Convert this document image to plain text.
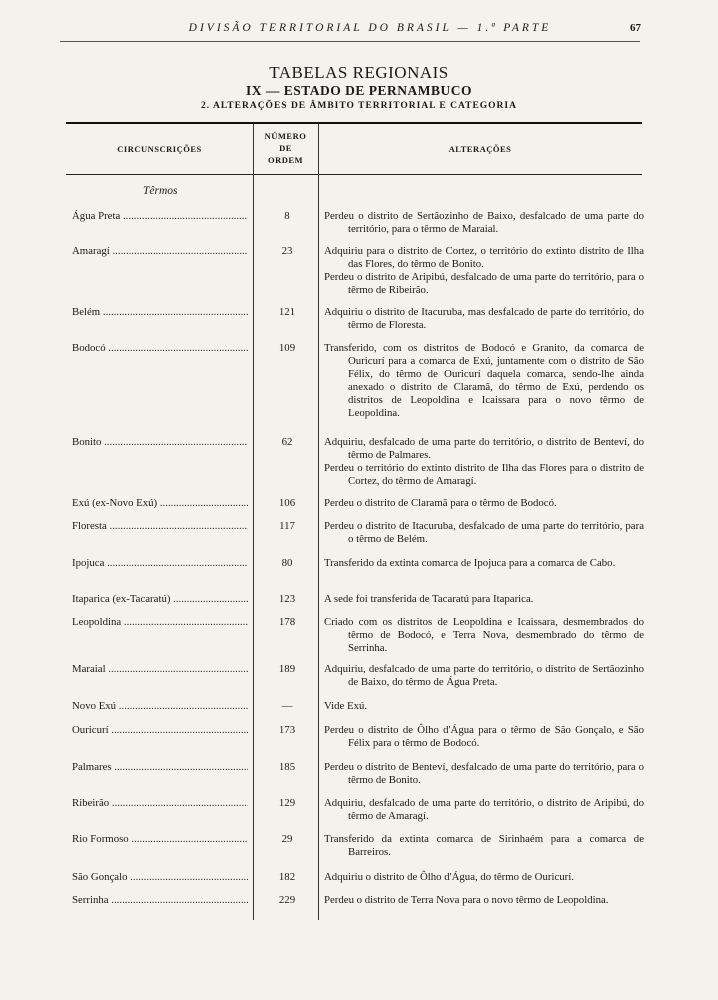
DIVISÃO TERRITORIAL DO BRASIL — 1.ª PARTE	67
TABELAS REGIONAIS
IX — ESTADO DE PERNAMBUCO
2. ALTERAÇÕES DE ÂMBITO TERRITORIAL E CATEGORIA
CIRCUNSCRIÇÕES
NÚMERO
DE
ORDEM
ALTERAÇÕES
Têrmos
Água Preta .....	8	Perdeu o distrito de Sertãozinho de Baixo, desfalcado de uma parte do território, para o têrmo de Maraial.

Amaragí .....	23	Adquiriu para o distrito de Cortez, o território do extinto distrito de Ilha das Flores, do têrmo de Bonito.

Perdeu o distrito de Aripibú, desfalcado de uma parte do território, para o têrmo de Ribeirão.

Belém .....	121	Adquiriu o distrito de Itacuruba, mas desfalcado de parte do território, do têrmo de Floresta.

Bodocó .....	109	Transferido, com os distritos de Bodocó e Granito, da comarca de Ouricurí para a comarca de Exú, juntamente com o distrito de São Félix, do têrmo de Ouricurí daquela comarca, sendo-lhe ainda anexado o distrito de Claramã, do têrmo de Exú, perdendo os distritos de Leopoldina e Icaissara para o novo têrmo de Leopoldina.

Bonito .....	62	Adquiriu, desfalcado de uma parte do território, o distrito de Benteví, do têrmo de Palmares.

Perdeu o território do extinto distrito de Ilha das Flores para o distrito de Cortez, do têrmo de Amaragí.

Exú (ex-Novo Exú) .....	106	Perdeu o distrito de Claramã para o têrmo de Bodocó.

Floresta .....	117	Perdeu o distrito de Itacuruba, desfalcado de uma parte do território, para o têrmo de Belém.

Ipojuca .....	80	Transferido da extinta comarca de Ipojuca para a comarca de Cabo.

Itaparica (ex-Tacaratú) .....	123	A sede foi transferida de Tacaratú para Itaparica.

Leopoldina .....	178	Criado com os distritos de Leopoldina e Icaissara, desmembrados do têrmo de Bodocó, e Terra Nova, desmembrado do têrmo de Serrinha.

Maraial .....	189	Adquiriu, desfalcado de uma parte do território, o distrito de Sertãozinho de Baixo, do têrmo de Água Preta.

Novo Exú .....	—	Vide Exú.

Ouricurí .....	173	Perdeu o distrito de Ôlho d'Água para o têrmo de São Gonçalo, e São Félix para o têrmo de Bodocó.

Palmares .....	185	Perdeu o distrito de Benteví, desfalcado de uma parte do território, para o têrmo de Bonito.

Ribeirão .....	129	Adquiriu, desfalcado de uma parte do território, o distrito de Aripibú, do têrmo de Amaragí.

Rio Formoso .....	29	Transferido da extinta comarca de Sirinhaém para a comarca de Barreiros.

São Gonçalo .....	182	Adquiriu o distrito de Ôlho d'Água, do têrmo de Ouricurí.

Serrinha .....	229	Perdeu o distrito de Terra Nova para o novo têrmo de Leopoldina.
